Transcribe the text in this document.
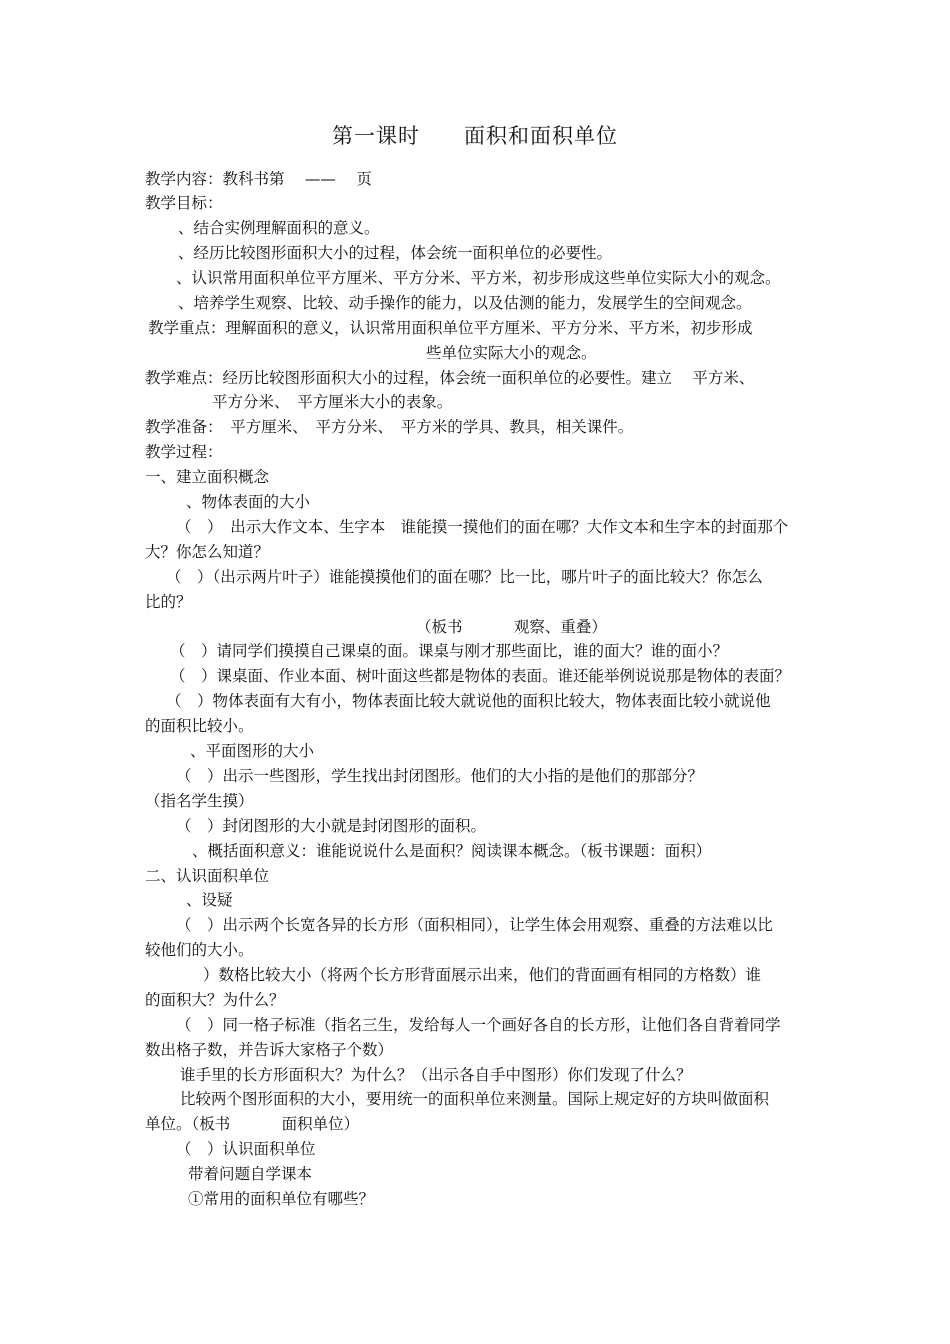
第一课时　　面积和面积单位
教学内容：教科书第　 ——　 页
教学目标：
、结合实例理解面积的意义。
、经历比较图形面积大小的过程，体会统一面积单位的必要性。
、认识常用面积单位平方厘米、平方分米、平方米，初步形成这些单位实际大小的观念。
、培养学生观察、比较、动手操作的能力，以及估测的能力，发展学生的空间观念。
教学重点：理解面积的意义，认识常用面积单位平方厘米、平方分米、平方米，初步形成
些单位实际大小的观念。
教学难点：经历比较图形面积大小的过程，体会统一面积单位的必要性。建立　 平方米、
平方分米、　平方厘米大小的表象。
教学准备：　平方厘米、　平方分米、　平方米的学具、教具，相关课件。
教学过程：
一、建立面积概念
、物体表面的大小
（　）　出示大作文本、生字本　谁能摸一摸他们的面在哪？大作文本和生字本的封面那个
大？你怎么知道？
（　）（出示两片叶子）谁能摸摸他们的面在哪？比一比，哪片叶子的面比较大？你怎么
比的？
（板书　　　 观察、重叠）
（　）请同学们摸摸自己课桌的面。课桌与刚才那些面比，谁的面大？谁的面小？
（　）课桌面、作业本面、树叶面这些都是物体的表面。谁还能举例说说那是物体的表面？
（　）物体表面有大有小，物体表面比较大就说他的面积比较大，物体表面比较小就说他
的面积比较小。
、平面图形的大小
（　）出示一些图形，学生找出封闭图形。他们的大小指的是他们的那部分？
（指名学生摸）
（　）封闭图形的大小就是封闭图形的面积。
、概括面积意义：谁能说说什么是面积？阅读课本概念。（板书课题：面积）
二、认识面积单位
、设疑
（　）出示两个长宽各异的长方形（面积相同），让学生体会用观察、重叠的方法难以比
较他们的大小。
）数格比较大小（将两个长方形背面展示出来，他们的背面画有相同的方格数）谁
的面积大？为什么？
（　）同一格子标准（指名三生，发给每人一个画好各自的长方形，让他们各自背着同学
数出格子数，并告诉大家格子个数）
谁手里的长方形面积大？为什么？（出示各自手中图形）你们发现了什么？
比较两个图形面积的大小，要用统一的面积单位来测量。国际上规定好的方块叫做面积
单位。（板书　　　 面积单位）
（　）认识面积单位
带着问题自学课本
①常用的面积单位有哪些？
